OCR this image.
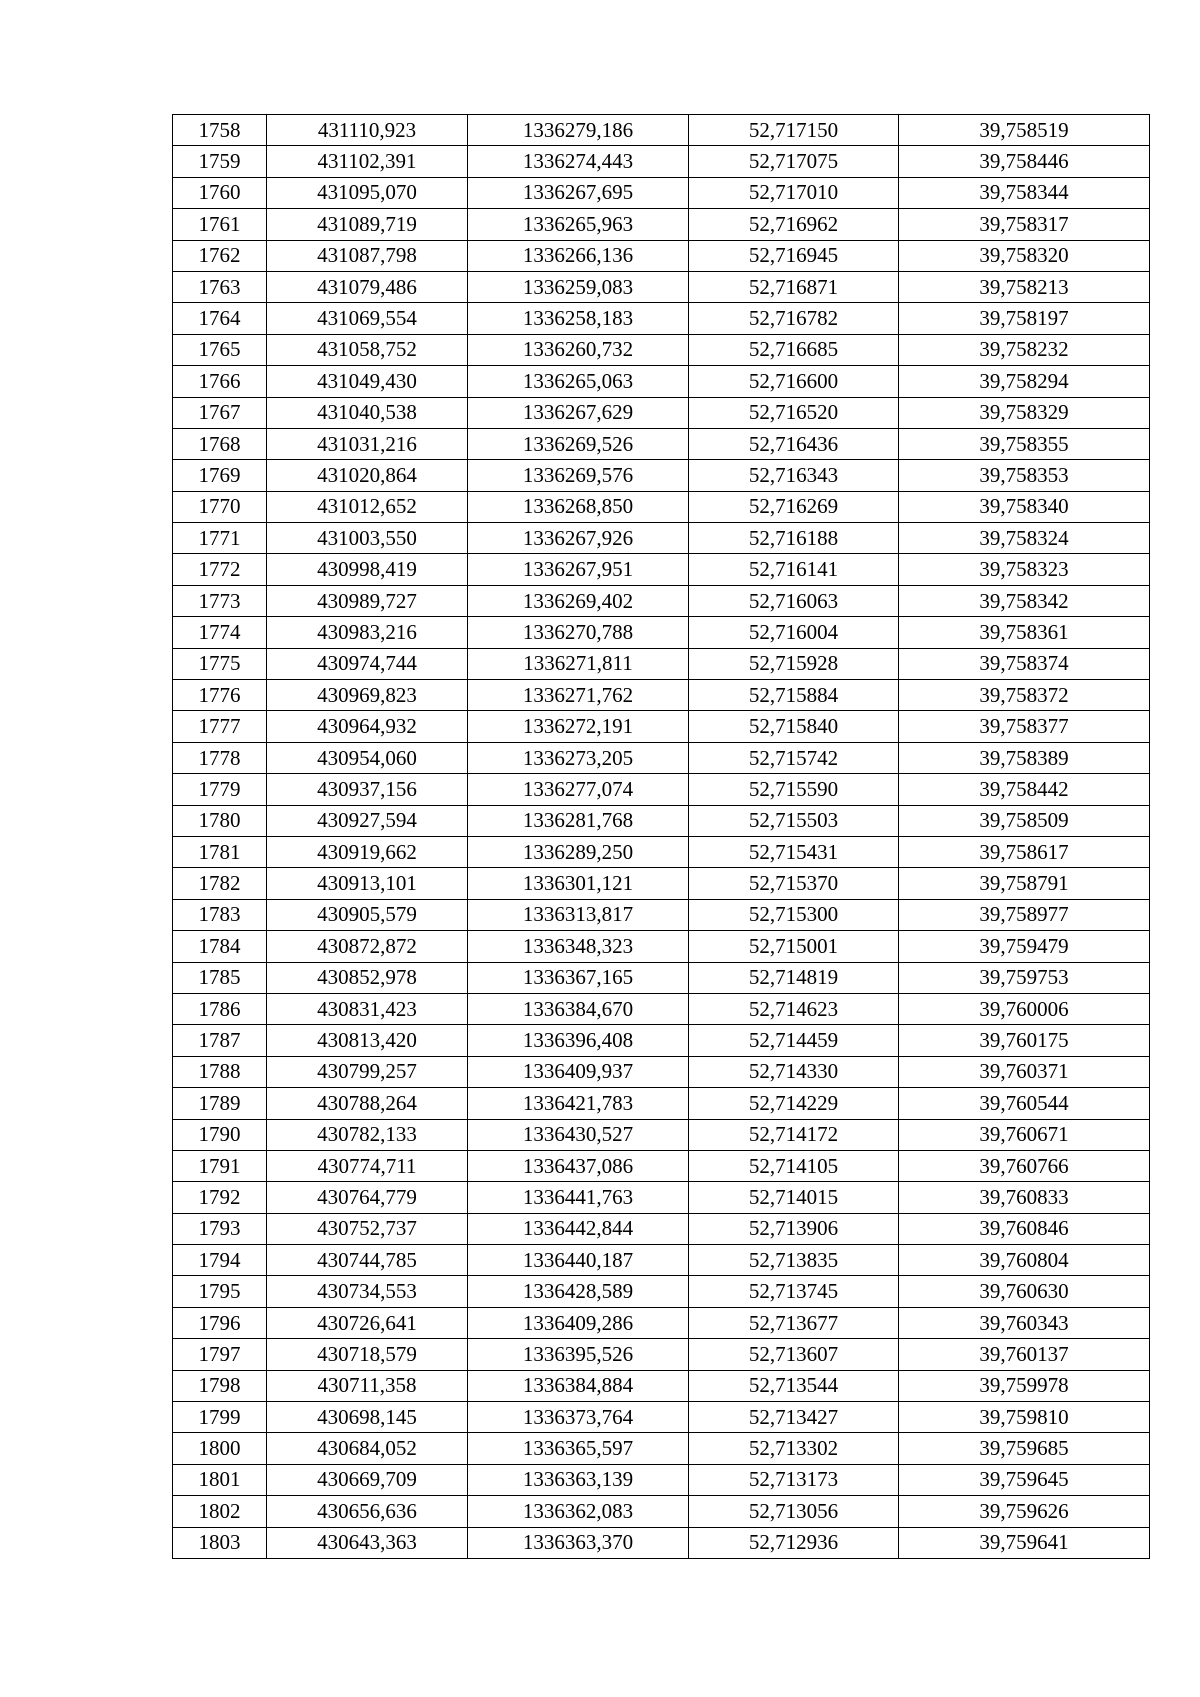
1758	431110,923	1336279,186	52,717150	39,758519
1759	431102,391	1336274,443	52,717075	39,758446
1760	431095,070	1336267,695	52,717010	39,758344
1761	431089,719	1336265,963	52,716962	39,758317
1762	431087,798	1336266,136	52,716945	39,758320
1763	431079,486	1336259,083	52,716871	39,758213
1764	431069,554	1336258,183	52,716782	39,758197
1765	431058,752	1336260,732	52,716685	39,758232
1766	431049,430	1336265,063	52,716600	39,758294
1767	431040,538	1336267,629	52,716520	39,758329
1768	431031,216	1336269,526	52,716436	39,758355
1769	431020,864	1336269,576	52,716343	39,758353
1770	431012,652	1336268,850	52,716269	39,758340
1771	431003,550	1336267,926	52,716188	39,758324
1772	430998,419	1336267,951	52,716141	39,758323
1773	430989,727	1336269,402	52,716063	39,758342
1774	430983,216	1336270,788	52,716004	39,758361
1775	430974,744	1336271,811	52,715928	39,758374
1776	430969,823	1336271,762	52,715884	39,758372
1777	430964,932	1336272,191	52,715840	39,758377
1778	430954,060	1336273,205	52,715742	39,758389
1779	430937,156	1336277,074	52,715590	39,758442
1780	430927,594	1336281,768	52,715503	39,758509
1781	430919,662	1336289,250	52,715431	39,758617
1782	430913,101	1336301,121	52,715370	39,758791
1783	430905,579	1336313,817	52,715300	39,758977
1784	430872,872	1336348,323	52,715001	39,759479
1785	430852,978	1336367,165	52,714819	39,759753
1786	430831,423	1336384,670	52,714623	39,760006
1787	430813,420	1336396,408	52,714459	39,760175
1788	430799,257	1336409,937	52,714330	39,760371
1789	430788,264	1336421,783	52,714229	39,760544
1790	430782,133	1336430,527	52,714172	39,760671
1791	430774,711	1336437,086	52,714105	39,760766
1792	430764,779	1336441,763	52,714015	39,760833
1793	430752,737	1336442,844	52,713906	39,760846
1794	430744,785	1336440,187	52,713835	39,760804
1795	430734,553	1336428,589	52,713745	39,760630
1796	430726,641	1336409,286	52,713677	39,760343
1797	430718,579	1336395,526	52,713607	39,760137
1798	430711,358	1336384,884	52,713544	39,759978
1799	430698,145	1336373,764	52,713427	39,759810
1800	430684,052	1336365,597	52,713302	39,759685
1801	430669,709	1336363,139	52,713173	39,759645
1802	430656,636	1336362,083	52,713056	39,759626
1803	430643,363	1336363,370	52,712936	39,759641
